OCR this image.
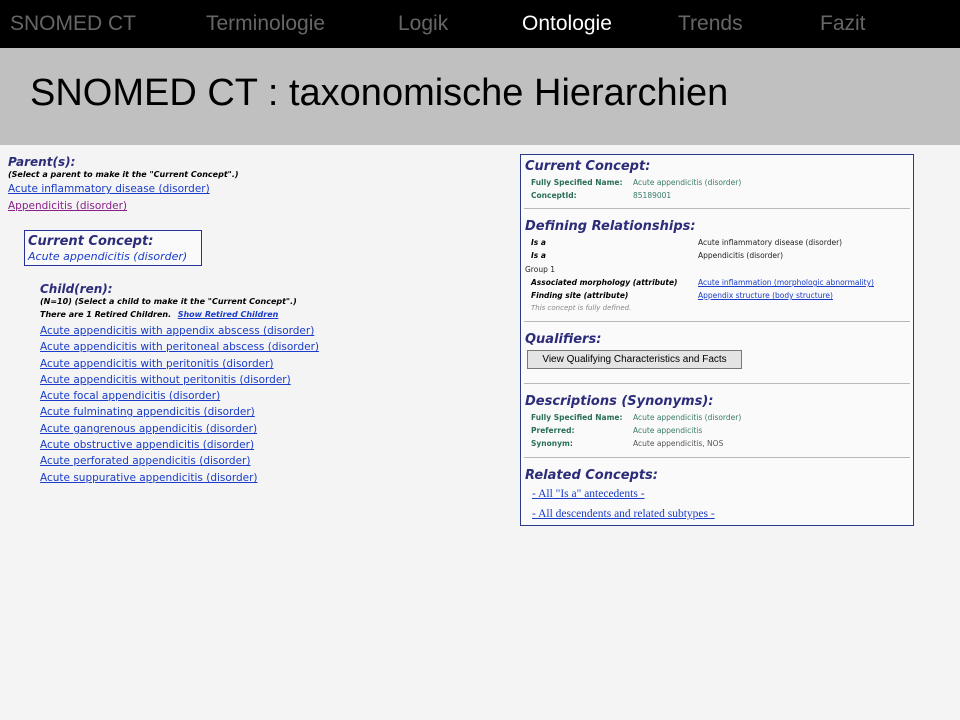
SNOMED CT	Terminologie	Logik	Ontologie	Trends	Fazit
SNOMED CT : taxonomische Hierarchien
Parent(s):
(Select a parent to make it the "Current Concept".)
Acute inflammatory disease (disorder)
Appendicitis (disorder)
Current Concept:
Acute appendicitis (disorder)
Child(ren):
(N=10) (Select a child to make it the "Current Concept".)
There are 1 Retired Children. Show Retired Children
Acute appendicitis with appendix abscess (disorder)
Acute appendicitis with peritoneal abscess (disorder)
Acute appendicitis with peritonitis (disorder)
Acute appendicitis without peritonitis (disorder)
Acute focal appendicitis (disorder)
Acute fulminating appendicitis (disorder)
Acute gangrenous appendicitis (disorder)
Acute obstructive appendicitis (disorder)
Acute perforated appendicitis (disorder)
Acute suppurative appendicitis (disorder)
Current Concept:
Fully Specified Name: Acute appendicitis (disorder)
ConceptId:	85189001
Defining Relationships:
Is a	Acute inflammatory disease (disorder)
Is a	Appendicitis (disorder)
Group 1
Associated morphology (attribute)	Acute inflammation (morphologic abnormality)
Finding site (attribute)	Appendix structure (body structure)
This concept is fully defined.
Qualifiers:
View Qualifying Characteristics and Facts
Descriptions (Synonyms):
Fully Specified Name: Acute appendicitis (disorder)
Preferred:	Acute appendicitis
Synonym:	Acute appendicitis, NOS
Related Concepts:
- All "Is a" antecedents -
- All descendents and related subtypes -
